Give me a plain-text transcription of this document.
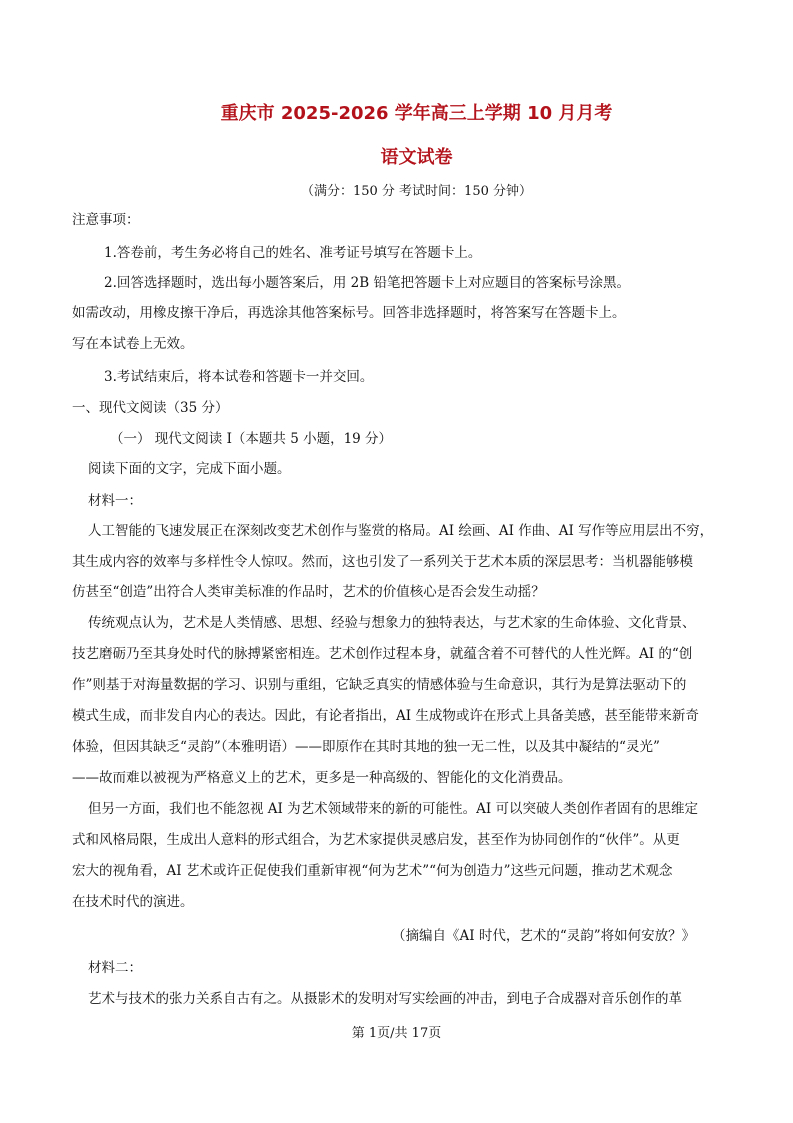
重庆市 2025-2026 学年高三上学期 10 月月考
语文试卷
（满分：150 分 考试时间：150 分钟）
注意事项：
1.答卷前，考生务必将自己的姓名、准考证号填写在答题卡上。
2.回答选择题时，选出每小题答案后，用 2B 铅笔把答题卡上对应题目的答案标号涂黑。
如需改动，用橡皮擦干净后，再选涂其他答案标号。回答非选择题时，将答案写在答题卡上。
写在本试卷上无效。
3.考试结束后，将本试卷和答题卡一并交回。
一、现代文阅读（35 分）
（一） 现代文阅读 I（本题共 5 小题，19 分）
阅读下面的文字，完成下面小题。
材料一：
人工智能的飞速发展正在深刻改变艺术创作与鉴赏的格局。AI 绘画、AI 作曲、AI 写作等应用层出不穷，
其生成内容的效率与多样性令人惊叹。然而，这也引发了一系列关于艺术本质的深层思考：当机器能够模
仿甚至“创造”出符合人类审美标准的作品时，艺术的价值核心是否会发生动摇？
传统观点认为，艺术是人类情感、思想、经验与想象力的独特表达，与艺术家的生命体验、文化背景、
技艺磨砺乃至其身处时代的脉搏紧密相连。艺术创作过程本身，就蕴含着不可替代的人性光辉。AI 的“创
作”则基于对海量数据的学习、识别与重组，它缺乏真实的情感体验与生命意识，其行为是算法驱动下的
模式生成，而非发自内心的表达。因此，有论者指出，AI 生成物或许在形式上具备美感，甚至能带来新奇
体验，但因其缺乏“灵韵”（本雅明语）——即原作在其时其地的独一无二性，以及其中凝结的“灵光”
——故而难以被视为严格意义上的艺术，更多是一种高级的、智能化的文化消费品。
但另一方面，我们也不能忽视 AI 为艺术领域带来的新的可能性。AI 可以突破人类创作者固有的思维定
式和风格局限，生成出人意料的形式组合，为艺术家提供灵感启发，甚至作为协同创作的“伙伴”。从更
宏大的视角看，AI 艺术或许正促使我们重新审视“何为艺术”“何为创造力”这些元问题，推动艺术观念
在技术时代的演进。
（摘编自《AI 时代，艺术的“灵韵”将如何安放？》
材料二：
艺术与技术的张力关系自古有之。从摄影术的发明对写实绘画的冲击，到电子合成器对音乐创作的革
第 1页/共 17页
